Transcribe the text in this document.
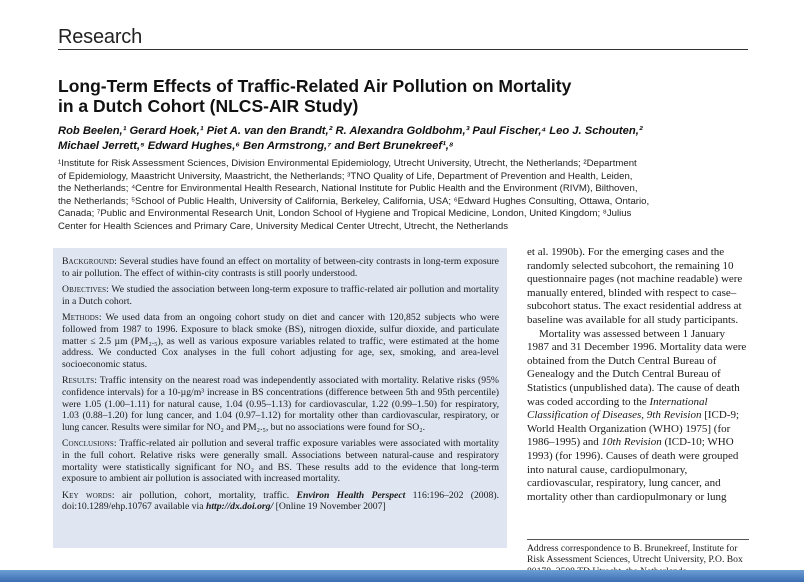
Research
Long-Term Effects of Traffic-Related Air Pollution on Mortality
in a Dutch Cohort (NLCS-AIR Study)
Rob Beelen,¹ Gerard Hoek,¹ Piet A. van den Brandt,² R. Alexandra Goldbohm,³ Paul Fischer,⁴ Leo J. Schouten,²
Michael Jerrett,⁵ Edward Hughes,⁶ Ben Armstrong,⁷ and Bert Brunekreef¹,⁸
¹Institute for Risk Assessment Sciences, Division Environmental Epidemiology, Utrecht University, Utrecht, the Netherlands; ²Department
of Epidemiology, Maastricht University, Maastricht, the Netherlands; ³TNO Quality of Life, Department of Prevention and Health, Leiden,
the Netherlands; ⁴Centre for Environmental Health Research, National Institute for Public Health and the Environment (RIVM), Bilthoven,
the Netherlands; ⁵School of Public Health, University of California, Berkeley, California, USA; ⁶Edward Hughes Consulting, Ottawa, Ontario,
Canada; ⁷Public and Environmental Research Unit, London School of Hygiene and Tropical Medicine, London, United Kingdom; ⁸Julius
Center for Health Sciences and Primary Care, University Medical Center Utrecht, Utrecht, the Netherlands

Background: Several studies have found an effect on mortality of between-city contrasts in long-term exposure to air pollution. The effect of within-city contrasts is still poorly understood.

Objectives: We studied the association between long-term exposure to traffic-related air pollution and mortality in a Dutch cohort.

Methods: We used data from an ongoing cohort study on diet and cancer with 120,852 subjects who were followed from 1987 to 1996. Exposure to black smoke (BS), nitrogen dioxide, sulfur dioxide, and particulate matter ≤ 2.5 µm (PM₂.₅), as well as various exposure variables related to traffic, were estimated at the home address. We conducted Cox analyses in the full cohort adjusting for age, sex, smoking, and area-level socioeconomic status.

Results: Traffic intensity on the nearest road was independently associated with mortality. Relative risks (95% confidence intervals) for a 10-µg/m³ increase in BS concentrations (difference between 5th and 95th percentile) were 1.05 (1.00–1.11) for natural cause, 1.04 (0.95–1.13) for cardiovascular, 1.22 (0.99–1.50) for respiratory, 1.03 (0.88–1.20) for lung cancer, and 1.04 (0.97–1.12) for mortality other than cardiovascular, respiratory, or lung cancer. Results were similar for NO₂ and PM₂.₅, but no associations were found for SO₂.

Conclusions: Traffic-related air pollution and several traffic exposure variables were associated with mortality in the full cohort. Relative risks were generally small. Associations between natural-cause and respiratory mortality were statistically significant for NO₂ and BS. These results add to the evidence that long-term exposure to ambient air pollution is associated with increased mortality.

Key words: air pollution, cohort, mortality, traffic. Environ Health Perspect 116:196–202 (2008). doi:10.1289/ehp.10767 available via http://dx.doi.org/ [Online 19 November 2007]

et al. 1990b). For the emerging cases and the randomly selected subcohort, the remaining 10 questionnaire pages (not machine readable) were manually entered, blinded with respect to case–subcohort status. The exact residential address at baseline was available for all study participants.

Mortality was assessed between 1 January 1987 and 31 December 1996. Mortality data were obtained from the Dutch Central Bureau of Genealogy and the Dutch Central Bureau of Statistics (unpublished data). The cause of death was coded according to the International Classification of Diseases, 9th Revision [ICD-9; World Health Organization (WHO) 1975] (for 1986–1995) and 10th Revision (ICD-10; WHO 1993) (for 1996). Causes of death were grouped into natural cause, cardiopulmonary, cardiovascular, respiratory, lung cancer, and mortality other than cardiopulmonary or lung

Address correspondence to B. Brunekreef, Institute for Risk Assessment Sciences, Utrecht University, P.O. Box
